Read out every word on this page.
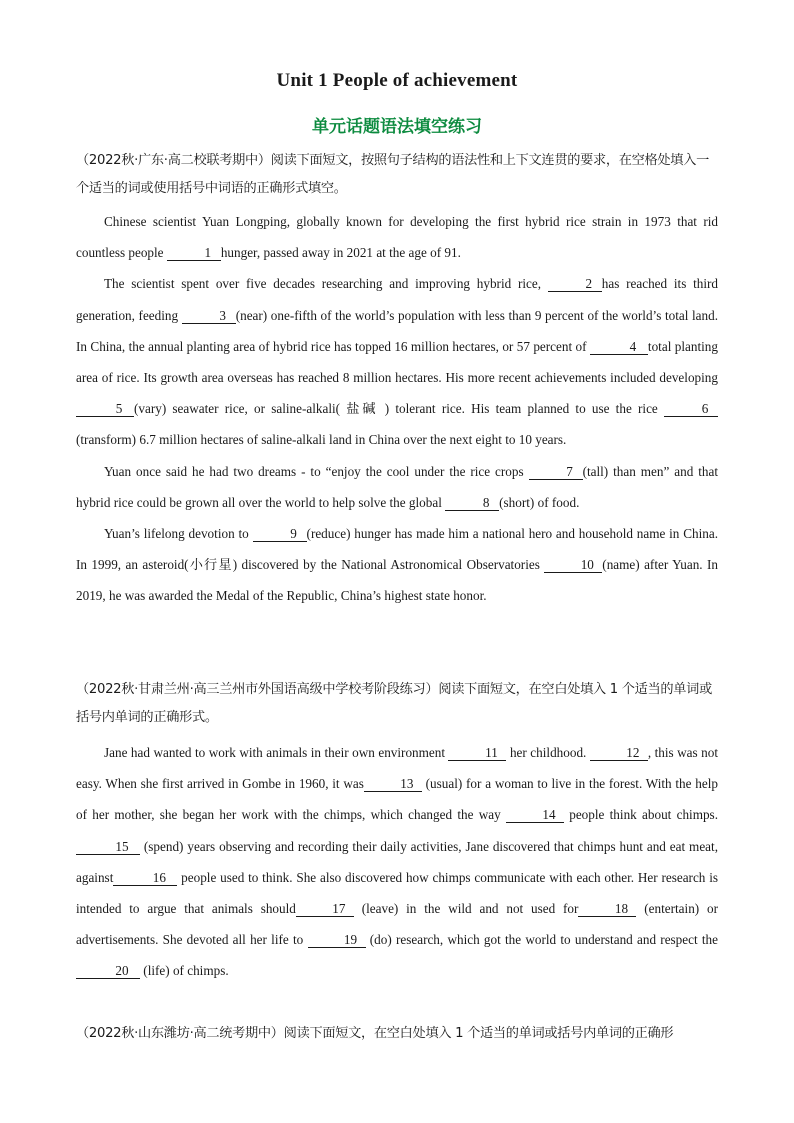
Unit 1 People of achievement
单元话题语法填空练习
（2022秋·广东·高二校联考期中）阅读下面短文，按照句子结构的语法性和上下文连贯的要求，在空格处填入一个适当的词或使用括号中词语的正确形式填空。

Chinese scientist Yuan Longping, globally known for developing the first hybrid rice strain in 1973 that rid countless people	1 hunger, passed away in 2021 at the age of 91.

The scientist spent over five decades researching and improving hybrid rice,	2 has reached its third generation, feeding	3 (near) one-fifth of the world’s population with less than 9 percent of the world’s total land. In China, the annual planting area of hybrid rice has topped 16 million hectares, or 57 percent of	4 total planting area of rice. Its growth area overseas has reached 8 million hectares. His more recent achievements included developing 5 (vary) seawater rice, or saline-alkali( 盐碱 ) tolerant rice. His team planned to use the rice	6(transform) 6.7 million hectares of saline-alkali land in China over the next eight to 10 years.

Yuan once said he had two dreams - to “enjoy the cool under the rice crops	7 (tall) than men” and that hybrid rice could be grown all over the world to help solve the global	8 (short) of food.

Yuan’s lifelong devotion to	9 (reduce) hunger has made him a national hero and household name in China. In 1999, an asteroid(小行星) discovered by the National Astronomical Observatories	10 (name) after Yuan. In 2019, he was awarded the Medal of the Republic, China’s highest state honor.

（2022秋·甘肃兰州·高三兰州市外国语高级中学校考阶段练习）阅读下面短文，在空白处填入 1 个适当的单词或括号内单词的正确形式。

Jane had wanted to work with animals in their own environment	11 her childhood.	12 , this was not easy. When she first arrived in Gombe in 1960, it was	13 (usual) for a woman to live in the forest. With the help of her mother, she began her work with the chimps, which changed the way	14 people think about chimps. 15 (spend) years observing and recording their daily activities, Jane discovered that chimps hunt and eat meat, against	16 people used to think. She also discovered how chimps communicate with each other. Her research is intended to argue that animals should	17 (leave) in the wild and not used for	18 (entertain) or advertisements. She devoted all her life to	19 (do) research, which got the world to understand and respect the20 (life) of chimps.

（2022秋·山东潍坊·高二统考期中）阅读下面短文，在空白处填入 1 个适当的单词或括号内单词的正确形
